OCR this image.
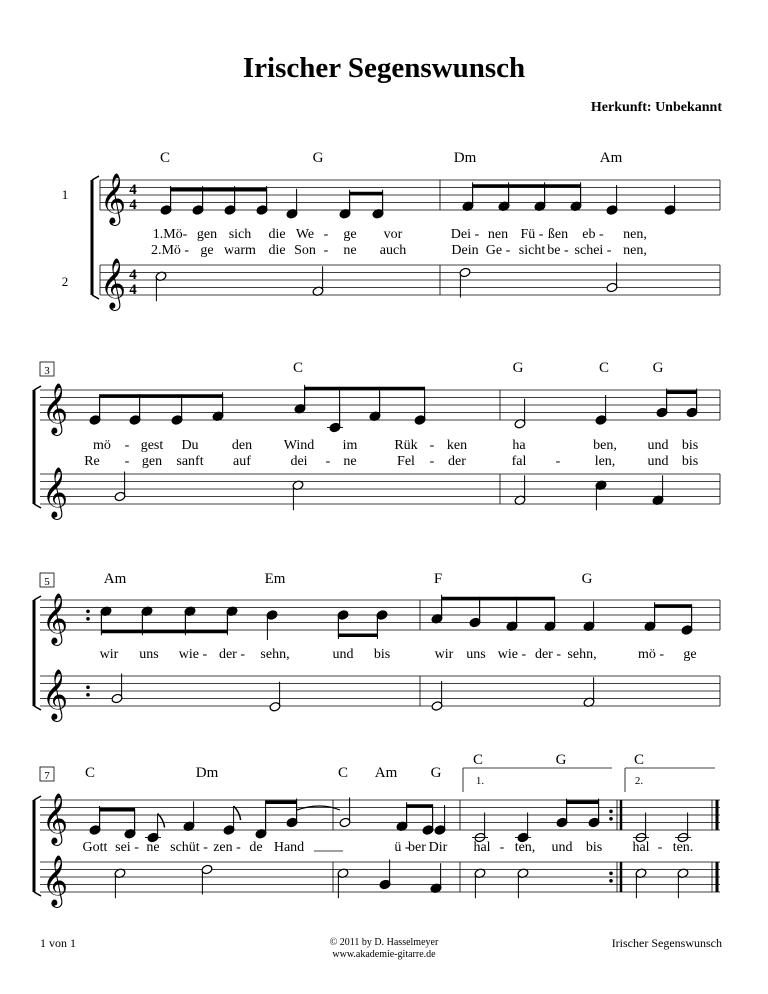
Irischer Segenswunsch
Herkunft: Unbekannt
1
2
C	G	Dm	Am
𝄞
𝄞
4
4
4
4
1.Mö- gen sich die We - ge vor	Dei - nen Fü - ßen eb - nen,
2.Mö - ge warm die Son - ne auch	Dein Ge - sicht be - schei - nen,
3	C	G	C	G
𝄞
𝄞
mö - gest Du den Wind im	Rük - ken	ha	ben, und bis
Re - gen sanft auf	dei - ne	Fel - der	fal - len, und bis
5	Am	Em	F	G
𝄞
𝄞
wir uns wie - der - sehn,	und bis	wir uns wie - der - sehn,	mö - ge
7 C	Dm	C Am G
C	G	C
1.	2.
𝄞
𝄞
Gott sei - ne schüt - zen - de Hand	ü -
ber Dir hal - ten, und bis hal - ten.
1 von 1	© 2011 by D. Hasselmeyer
www.akademie-gitarre.de
Irischer Segenswunsch
